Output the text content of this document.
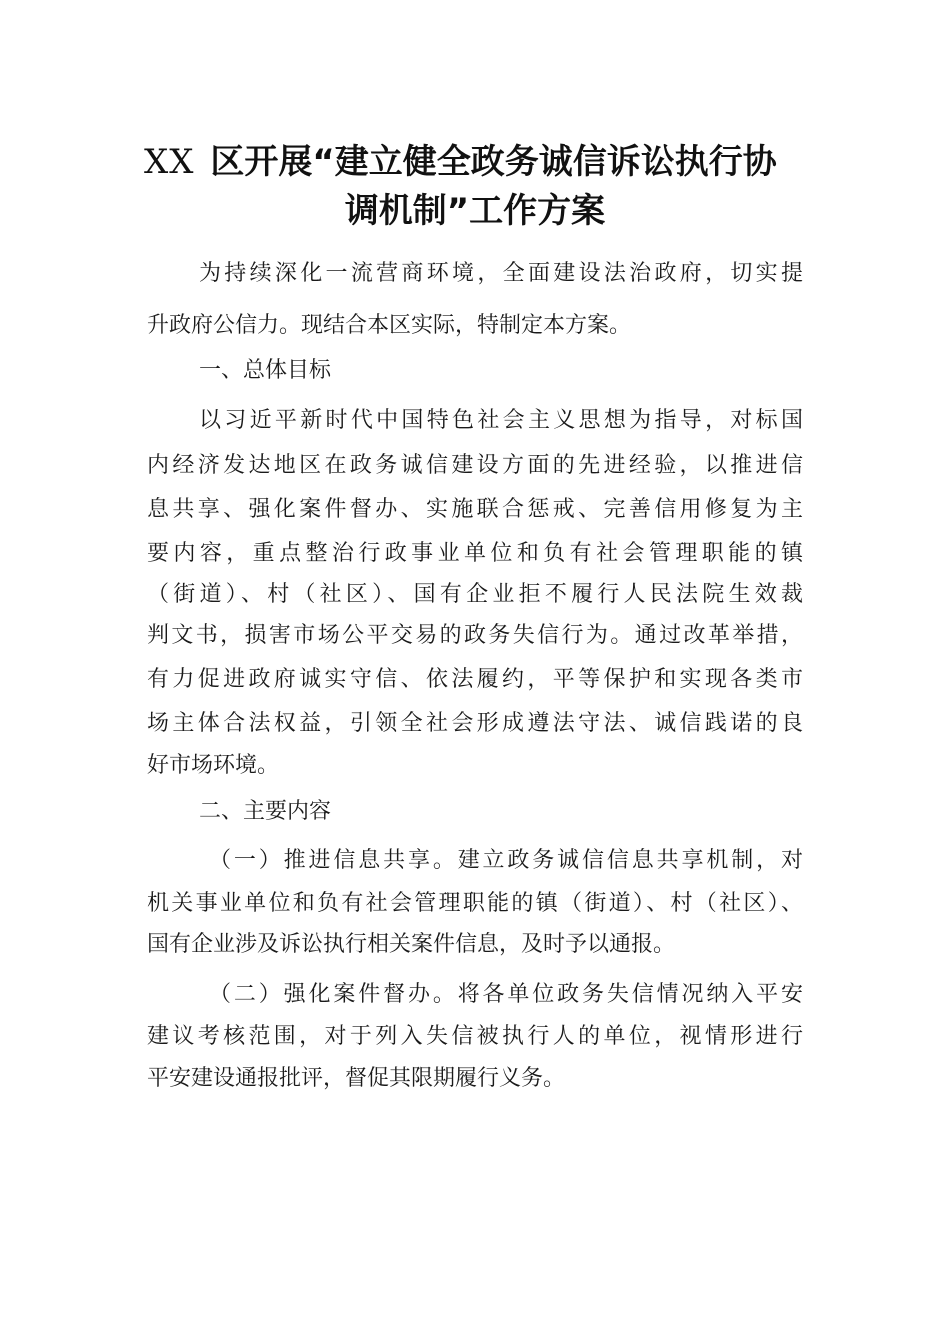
XX 区开展“建立健全政务诚信诉讼执行协
调机制”工作方案
为持续深化一流营商环境，全面建设法治政府，切实提
升政府公信力。现结合本区实际，特制定本方案。
一、总体目标
以习近平新时代中国特色社会主义思想为指导，对标国
内经济发达地区在政务诚信建设方面的先进经验，以推进信
息共享、强化案件督办、实施联合惩戒、完善信用修复为主
要内容，重点整治行政事业单位和负有社会管理职能的镇
（街道）、村（社区）、国有企业拒不履行人民法院生效裁
判文书，损害市场公平交易的政务失信行为。通过改革举措，
有力促进政府诚实守信、依法履约，平等保护和实现各类市
场主体合法权益，引领全社会形成遵法守法、诚信践诺的良
好市场环境。
二、主要内容
（一）推进信息共享。建立政务诚信信息共享机制，对
机关事业单位和负有社会管理职能的镇（街道）、村（社区）、
国有企业涉及诉讼执行相关案件信息，及时予以通报。
（二）强化案件督办。将各单位政务失信情况纳入平安
建议考核范围，对于列入失信被执行人的单位，视情形进行
平安建设通报批评，督促其限期履行义务。
